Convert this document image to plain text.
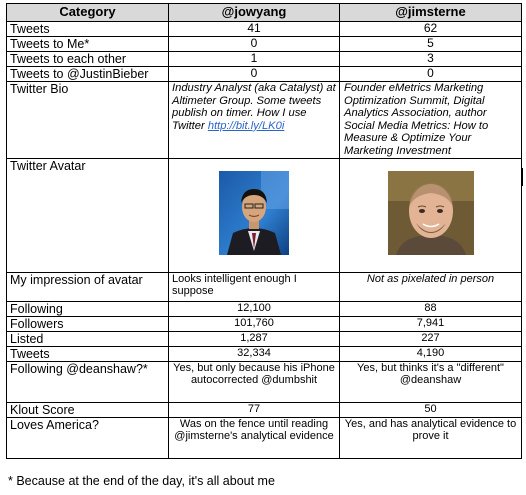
Category	@jowyang	@jimsterne
Tweets	41	62
Tweets to Me*	0	5
Tweets to each other	1	3
Tweets to @JustinBieber	0	0
Twitter Bio	Industry Analyst (aka Catalyst) at Altimeter Group. Some tweets publish on timer. How I use Twitter http://bit.ly/LK0i	Founder eMetrics Marketing Optimization Summit, Digital Analytics Association, author Social Media Metrics: How to Measure & Optimize Your Marketing Investment
Twitter Avatar	

My impression of avatar	Looks intelligent enough I suppose	Not as pixelated in person
Following	12,100	88
Followers	101,760	7,941
Listed	1,287	227
Tweets	32,334	4,190
Following @deanshaw?*	Yes, but only because his iPhone autocorrected @dumbshit	Yes, but thinks it's a "different" @deanshaw
Klout Score	77	50
Loves America?	Was on the fence until reading @jimsterne's analytical evidence	Yes, and has analytical evidence to prove it
* Because at the end of the day, it's all about me
